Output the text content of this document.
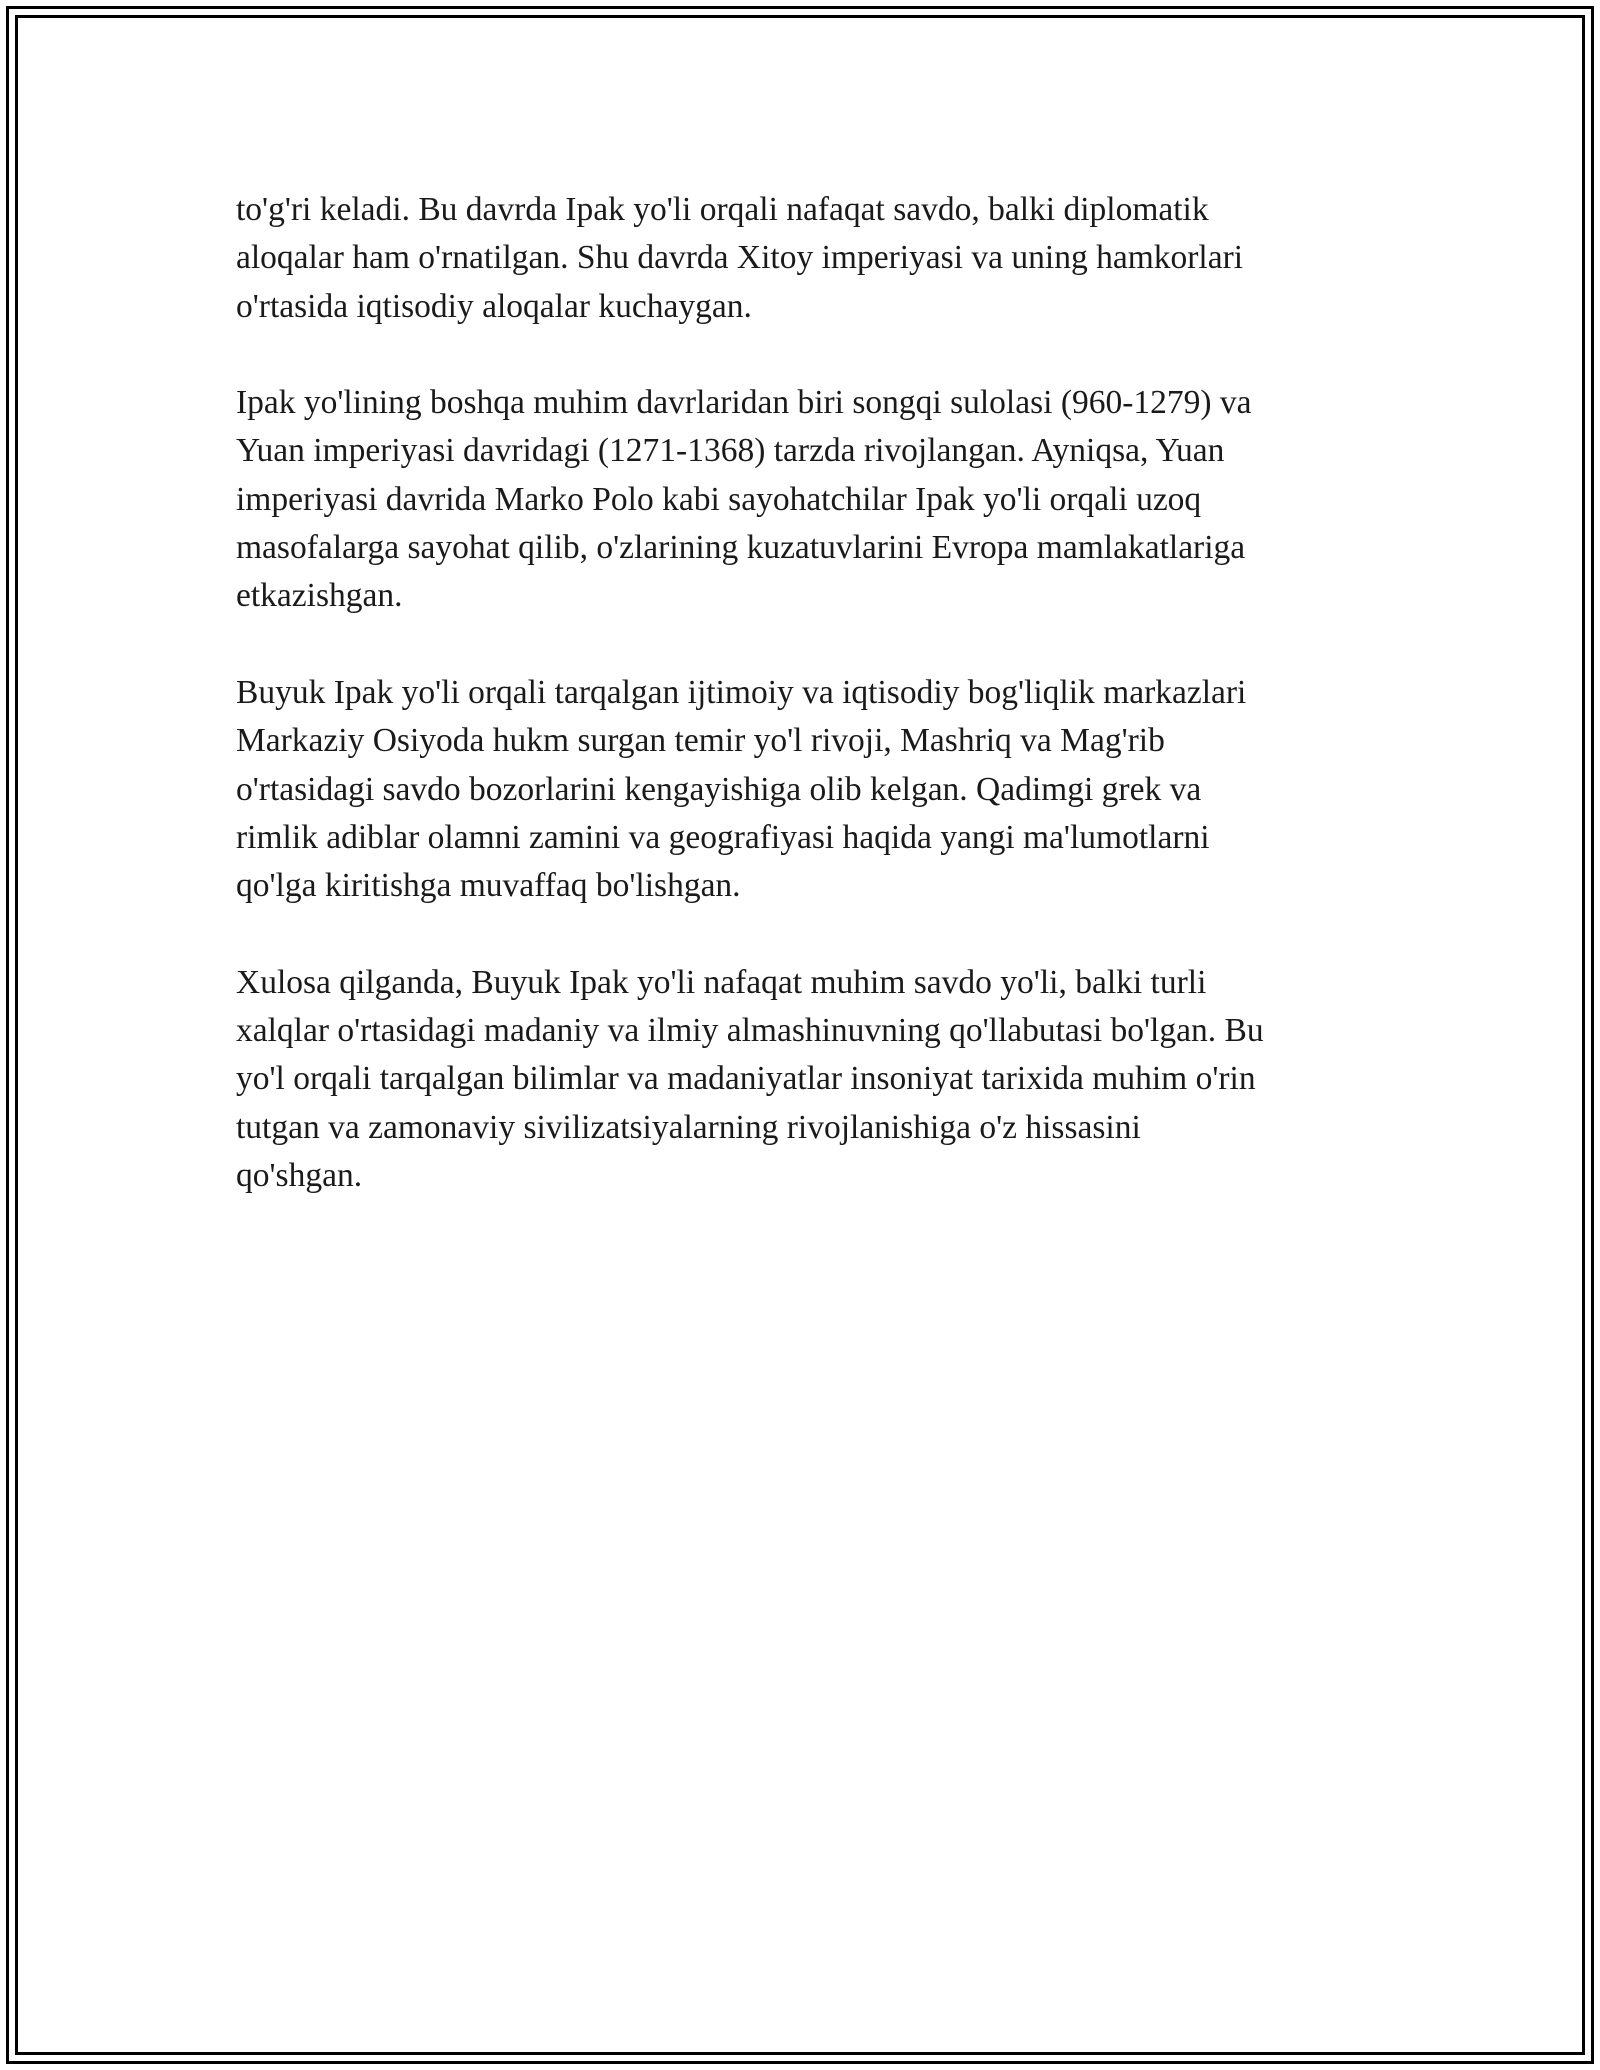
to'g'ri keladi. Bu davrda Ipak yo'li orqali nafaqat savdo, balki diplomatik
aloqalar ham o'rnatilgan. Shu davrda Xitoy imperiyasi va uning hamkorlari
o'rtasida iqtisodiy aloqalar kuchaygan.

Ipak yo'lining boshqa muhim davrlaridan biri songqi sulolasi (960-1279) va
Yuan imperiyasi davridagi (1271-1368) tarzda rivojlangan. Ayniqsa, Yuan
imperiyasi davrida Marko Polo kabi sayohatchilar Ipak yo'li orqali uzoq
masofalarga sayohat qilib, o'zlarining kuzatuvlarini Evropa mamlakatlariga
etkazishgan.

Buyuk Ipak yo'li orqali tarqalgan ijtimoiy va iqtisodiy bog'liqlik markazlari
Markaziy Osiyoda hukm surgan temir yo'l rivoji, Mashriq va Mag'rib
o'rtasidagi savdo bozorlarini kengayishiga olib kelgan. Qadimgi grek va
rimlik adiblar olamni zamini va geografiyasi haqida yangi ma'lumotlarni
qo'lga kiritishga muvaffaq bo'lishgan.

Xulosa qilganda, Buyuk Ipak yo'li nafaqat muhim savdo yo'li, balki turli
xalqlar o'rtasidagi madaniy va ilmiy almashinuvning qo'llabutasi bo'lgan. Bu
yo'l orqali tarqalgan bilimlar va madaniyatlar insoniyat tarixida muhim o'rin
tutgan va zamonaviy sivilizatsiyalarning rivojlanishiga o'z hissasini
qo'shgan.
